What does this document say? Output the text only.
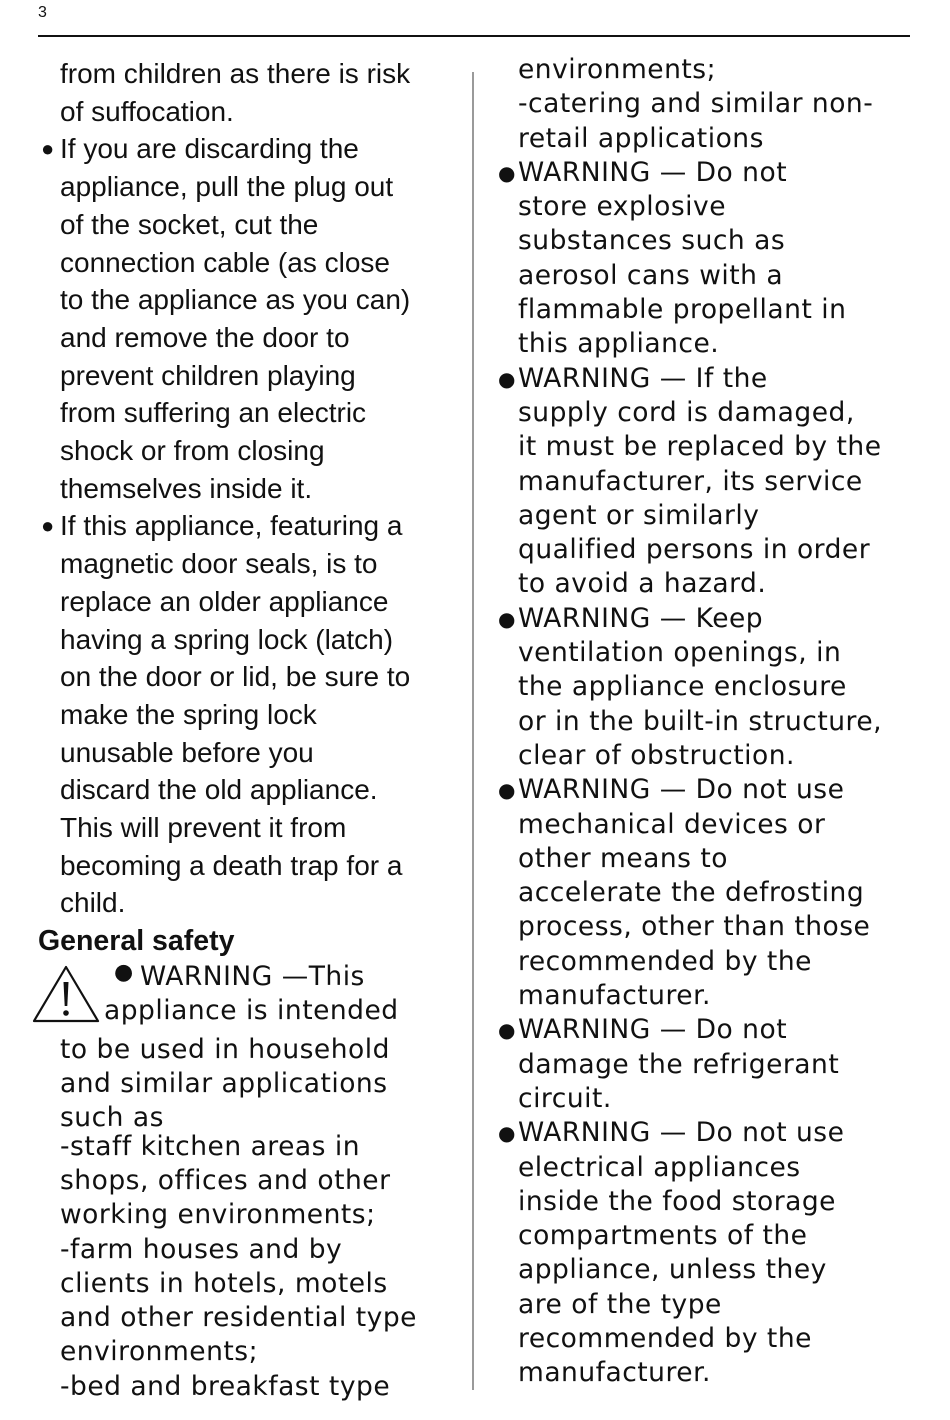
3
from children as there is risk
of suffocation.
● If you are discarding the
appliance, pull the plug out
of the socket, cut the
connection cable (as close
to the appliance as you can)
and remove the door to
prevent children playing
from suffering an electric
shock or from closing
themselves inside it.
● If this appliance, featuring a
magnetic door seals, is to
replace an older appliance
having a spring lock (latch)
on the door or lid, be sure to
make the spring lock
unusable before you
discard the old appliance.
This will prevent it from
becoming a death trap for a
child.
General safety
● WARNING —This
appliance is intended
to be used in household
and similar applications
such as
-staff kitchen areas in
shops, offices and other
working environments;
-farm houses and by
clients in hotels, motels
and other residential type
environments;
-bed and breakfast type
environments;
-catering and similar non-
retail applications
● WARNING — Do not
store explosive
substances such as
aerosol cans with a
flammable propellant in
this appliance.
● WARNING — If the
supply cord is damaged,
it must be replaced by the
manufacturer, its service
agent or similarly
qualified persons in order
to avoid a hazard.
● WARNING — Keep
ventilation openings, in
the appliance enclosure
or in the built-in structure,
clear of obstruction.
● WARNING — Do not use
mechanical devices or
other means to
accelerate the defrosting
process, other than those
recommended by the
manufacturer.
● WARNING — Do not
damage the refrigerant
circuit.
● WARNING — Do not use
electrical appliances
inside the food storage
compartments of the
appliance, unless they
are of the type
recommended by the
manufacturer.
